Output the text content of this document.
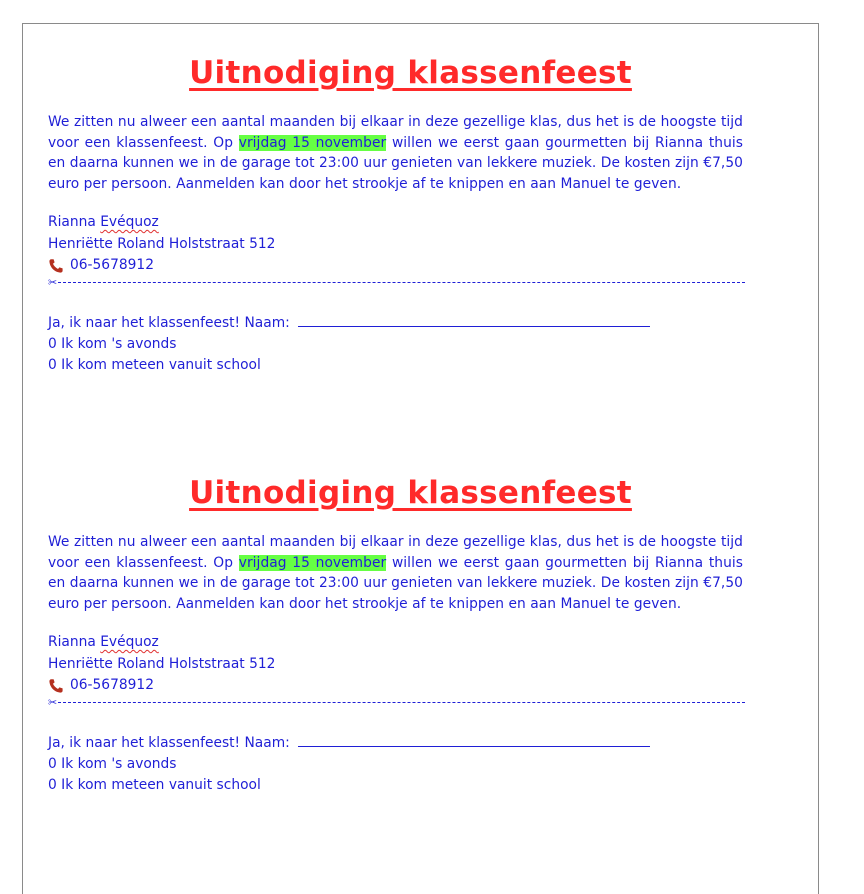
Uitnodiging klassenfeest
We zitten nu alweer een aantal maanden bij elkaar in deze gezellige klas, dus het is de hoogste tijd voor een klassenfeest. Op vrijdag 15 november willen we eerst gaan gourmetten bij Rianna thuis en daarna kunnen we in de garage tot 23:00 uur genieten van lekkere muziek. De kosten zijn €7,50 euro per persoon. Aanmelden kan door het strookje af te knippen en aan Manuel te geven.
Rianna Evéquoz
Henriëtte Roland Holststraat 512
06-5678912
✂
Ja, ik naar het klassenfeest! Naam:
0 Ik kom 's avonds
0 Ik kom meteen vanuit school
Uitnodiging klassenfeest
We zitten nu alweer een aantal maanden bij elkaar in deze gezellige klas, dus het is de hoogste tijd voor een klassenfeest. Op vrijdag 15 november willen we eerst gaan gourmetten bij Rianna thuis en daarna kunnen we in de garage tot 23:00 uur genieten van lekkere muziek. De kosten zijn €7,50 euro per persoon. Aanmelden kan door het strookje af te knippen en aan Manuel te geven.
Rianna Evéquoz
Henriëtte Roland Holststraat 512
06-5678912
✂
Ja, ik naar het klassenfeest! Naam:
0 Ik kom 's avonds
0 Ik kom meteen vanuit school
